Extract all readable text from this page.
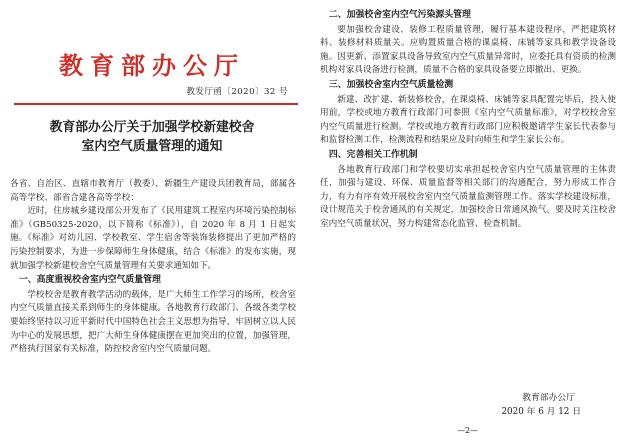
教育部办公厅
教发厅函〔2020〕32 号
教育部办公厅关于加强学校新建校舍
室内空气质量管理的通知

各省、自治区、直辖市教育厅（教委），新疆生产建设兵团教育局，部属各高等学校、部省合建各高等学校：

近时，住房城乡建设部公开发布了《民用建筑工程室内环境污染控制标准》（GB50325-2020，以下简称《标准》），自 2020 年 8 月 1 日起实施。《标准》对幼儿园、学校教室、学生宿舍等装饰装修提出了更加严格的污染控制要求，为进一步保障师生身体健康，结合《标准》的发布实施，现就加强学校新建校舍空气质量管理有关要求通知如下。

一、高度重视校舍室内空气质量管理

学校校舍是教育教学活动的载体，是广大师生工作学习的场所，校舍室内空气质量直接关系到师生的身体健康。各地教育行政部门、各级各类学校要始终坚持以习近平新时代中国特色社会主义思想为指导，牢固树立以人民为中心的发展思想，把广大师生身体健康摆在更加突出的位置，加强管理，严格执行国家有关标准，防控校舍室内空气质量问题。

二、加强校舍室内空气污染源头管理

要加强校舍建设、装修工程质量管理，履行基本建设程序，严把建筑材料、装修材料质量关。应购置质量合格的课桌椅、床铺等家具和教学设备设施。因更新、添置家具设备导致室内空气质量异常时，应委托具有资质的检测机构对家具设备进行检测，质量不合格的家具设备要立即撤出、更换。

三、加强校舍室内空气质量检测

新建、改扩建、新装修校舍，在课桌椅、床铺等家具配置完毕后，投入使用前，学校或地方教育行政部门可参照《室内空气质量标准》，对学校校舍室内空气质量进行检测。学校或地方教育行政部门应积极邀请学生家长代表参与和监督检测工作，检测流程和结果应及时向师生和学生家长公布。

四、完善相关工作机制

各地教育行政部门和学校要切实承担起校舍室内空气质量管理的主体责任，加强与建设、环保、质量监督等相关部门的沟通配合，努力形成工作合力，有力有序有效开展校舍室内空气质量监测管理工作。落实学校建设标准，设计规范关于校舍通风的有关规定，加强校舍日常通风换气。要及时关注校舍室内空气质量状况，努力构建常态化监管、检查机制。

教育部办公厅
2020 年 6 月 12 日
—2—
